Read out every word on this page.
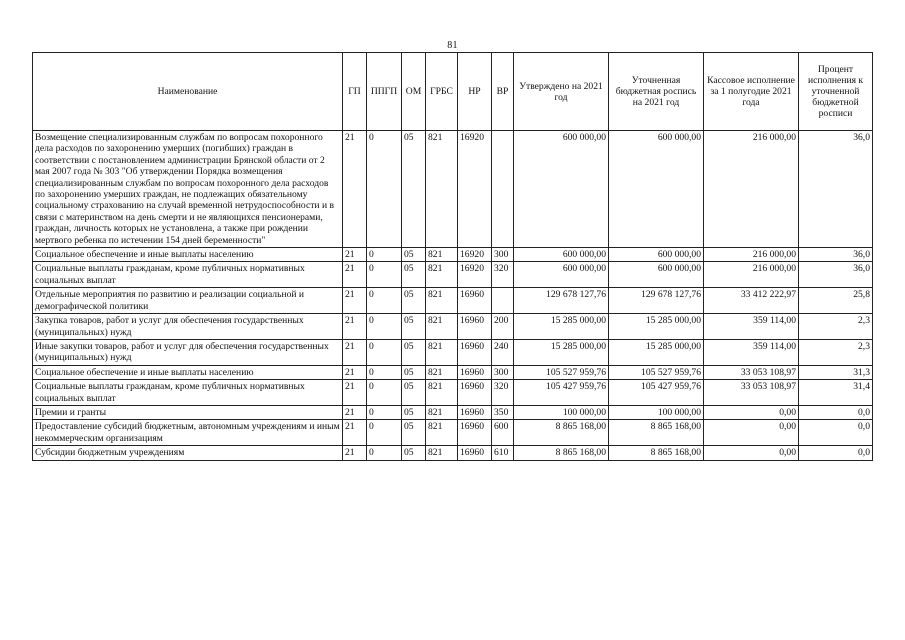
81
Наименование	ГП	ППГП	ОМ	ГРБС	НР	ВР	Утверждено на 2021 год	Уточненная бюджетная роспись на 2021 год	Кассовое исполнение за 1 полугодие 2021 года	Процент исполнения к уточненной бюджетной росписи
Возмещение специализированным службам по вопросам похоронного дела расходов по захоронению умерших (погибших) граждан в соответствии с постановлением администрации Брянской области от 2 мая 2007 года № 303 "Об утверждении Порядка возмещения специализированным службам по вопросам похоронного дела расходов по захоронению умерших граждан, не подлежащих обязательному социальному страхованию на случай временной нетрудоспособности и в связи с материнством на день смерти и не являющихся пенсионерами, граждан, личность которых не установлена, а также при рождении мертвого ребенка по истечении 154 дней беременности"	21	0	05	821	16920		600 000,00	600 000,00	216 000,00	36,0
Социальное обеспечение и иные выплаты населению	21	0	05	821	16920	300	600 000,00	600 000,00	216 000,00	36,0
Социальные выплаты гражданам, кроме публичных нормативных социальных выплат	21	0	05	821	16920	320	600 000,00	600 000,00	216 000,00	36,0
Отдельные мероприятия по развитию и реализации социальной и демографической политики	21	0	05	821	16960		129 678 127,76	129 678 127,76	33 412 222,97	25,8
Закупка товаров, работ и услуг для обеспечения государственных (муниципальных) нужд	21	0	05	821	16960	200	15 285 000,00	15 285 000,00	359 114,00	2,3
Иные закупки товаров, работ и услуг для обеспечения государственных (муниципальных) нужд	21	0	05	821	16960	240	15 285 000,00	15 285 000,00	359 114,00	2,3
Социальное обеспечение и иные выплаты населению	21	0	05	821	16960	300	105 527 959,76	105 527 959,76	33 053 108,97	31,3
Социальные выплаты гражданам, кроме публичных нормативных социальных выплат	21	0	05	821	16960	320	105 427 959,76	105 427 959,76	33 053 108,97	31,4
Премии и гранты	21	0	05	821	16960	350	100 000,00	100 000,00	0,00	0,0
Предоставление субсидий бюджетным, автономным учреждениям и иным некоммерческим организациям	21	0	05	821	16960	600	8 865 168,00	8 865 168,00	0,00	0,0
Субсидии бюджетным учреждениям	21	0	05	821	16960	610	8 865 168,00	8 865 168,00	0,00	0,0
